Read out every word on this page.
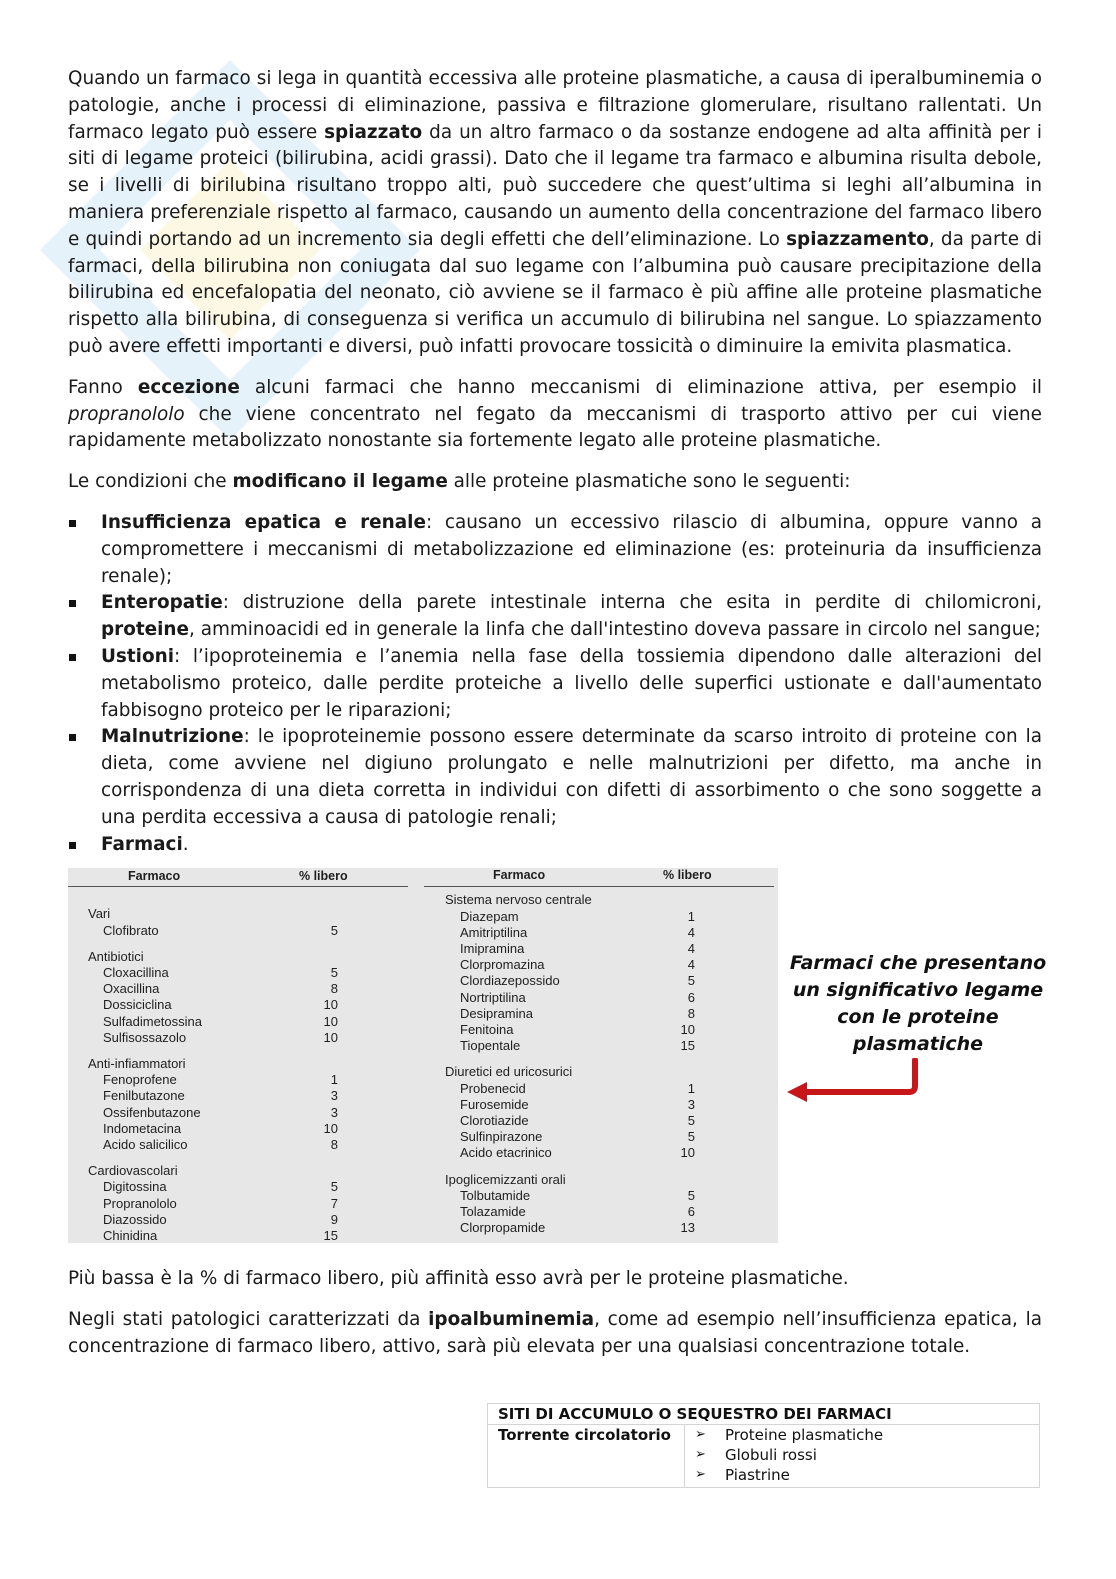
Quando un farmaco si lega in quantità eccessiva alle proteine plasmatiche, a causa di iperalbuminemia o patologie, anche i processi di eliminazione, passiva e filtrazione glomerulare, risultano rallentati. Un farmaco legato può essere spiazzato da un altro farmaco o da sostanze endogene ad alta affinità per i siti di legame proteici (bilirubina, acidi grassi). Dato che il legame tra farmaco e albumina risulta debole, se i livelli di birilubina risultano troppo alti, può succedere che quest’ultima si leghi all’albumina in maniera preferenziale rispetto al farmaco, causando un aumento della concentrazione del farmaco libero e quindi portando ad un incremento sia degli effetti che dell’eliminazione. Lo spiazzamento, da parte di farmaci, della bilirubina non coniugata dal suo legame con l’albumina può causare precipitazione della bilirubina ed encefalopatia del neonato, ciò avviene se il farmaco è più affine alle proteine plasmatiche rispetto alla bilirubina, di conseguenza si verifica un accumulo di bilirubina nel sangue. Lo spiazzamento può avere effetti importanti e diversi, può infatti provocare tossicità o diminuire la emivita plasmatica.

Fanno eccezione alcuni farmaci che hanno meccanismi di eliminazione attiva, per esempio il propranololo che viene concentrato nel fegato da meccanismi di trasporto attivo per cui viene rapidamente metabolizzato nonostante sia fortemente legato alle proteine plasmatiche.

Le condizioni che modificano il legame alle proteine plasmatiche sono le seguenti:

Insufficienza epatica e renale: causano un eccessivo rilascio di albumina, oppure vanno a compromettere i meccanismi di metabolizzazione ed eliminazione (es: proteinuria da insufficienza renale);
Enteropatie: distruzione della parete intestinale interna che esita in perdite di chilomicroni, proteine, amminoacidi ed in generale la linfa che dall'intestino doveva passare in circolo nel sangue;
Ustioni: l’ipoproteinemia e l’anemia nella fase della tossiemia dipendono dalle alterazioni del metabolismo proteico, dalle perdite proteiche a livello delle superfici ustionate e dall'aumentato fabbisogno proteico per le riparazioni;
Malnutrizione: le ipoproteinemie possono essere determinate da scarso introito di proteine con la dieta, come avviene nel digiuno prolungato e nelle malnutrizioni per difetto, ma anche in corrispondenza di una dieta corretta in individui con difetti di assorbimento o che sono soggette a una perdita eccessiva a causa di patologie renali;
Farmaci.
Farmaco	% libero	Farmaco	% libero
Vari
Clofibrato	5
Antibiotici
Cloxacillina	5
Oxacillina	8
Dossiciclina	10
Sulfadimetossina	10
Sulfisossazolo	10
Anti-infiammatori
Fenoprofene	1
Fenilbutazone	3
Ossifenbutazone	3
Indometacina	10
Acido salicilico	8
Cardiovascolari
Digitossina	5
Propranololo	7
Diazossido	9
Chinidina	15
Sistema nervoso centrale
Diazepam	1
Amitriptilina	4
Imipramina	4
Clorpromazina	4
Clordiazepossido	5
Nortriptilina	6
Desipramina	8
Fenitoina	10
Tiopentale	15
Diuretici ed uricosurici
Probenecid	1
Furosemide	3
Clorotiazide	5
Sulfinpirazone	5
Acido etacrinico	10
Ipoglicemizzanti orali
Tolbutamide	5
Tolazamide	6
Clorpropamide	13
Farmaci che presentano
un significativo legame
con le proteine
plasmatiche

Più bassa è la % di farmaco libero, più affinità esso avrà per le proteine plasmatiche.

Negli stati patologici caratterizzati da ipoalbuminemia, come ad esempio nell’insufficienza epatica, la concentrazione di farmaco libero, attivo, sarà più elevata per una qualsiasi concentrazione totale.

SITI DI ACCUMULO O SEQUESTRO DEI FARMACI
Torrente circolatorio	➢ Proteine plasmatiche
➢ Globuli rossi
➢ Piastrine
